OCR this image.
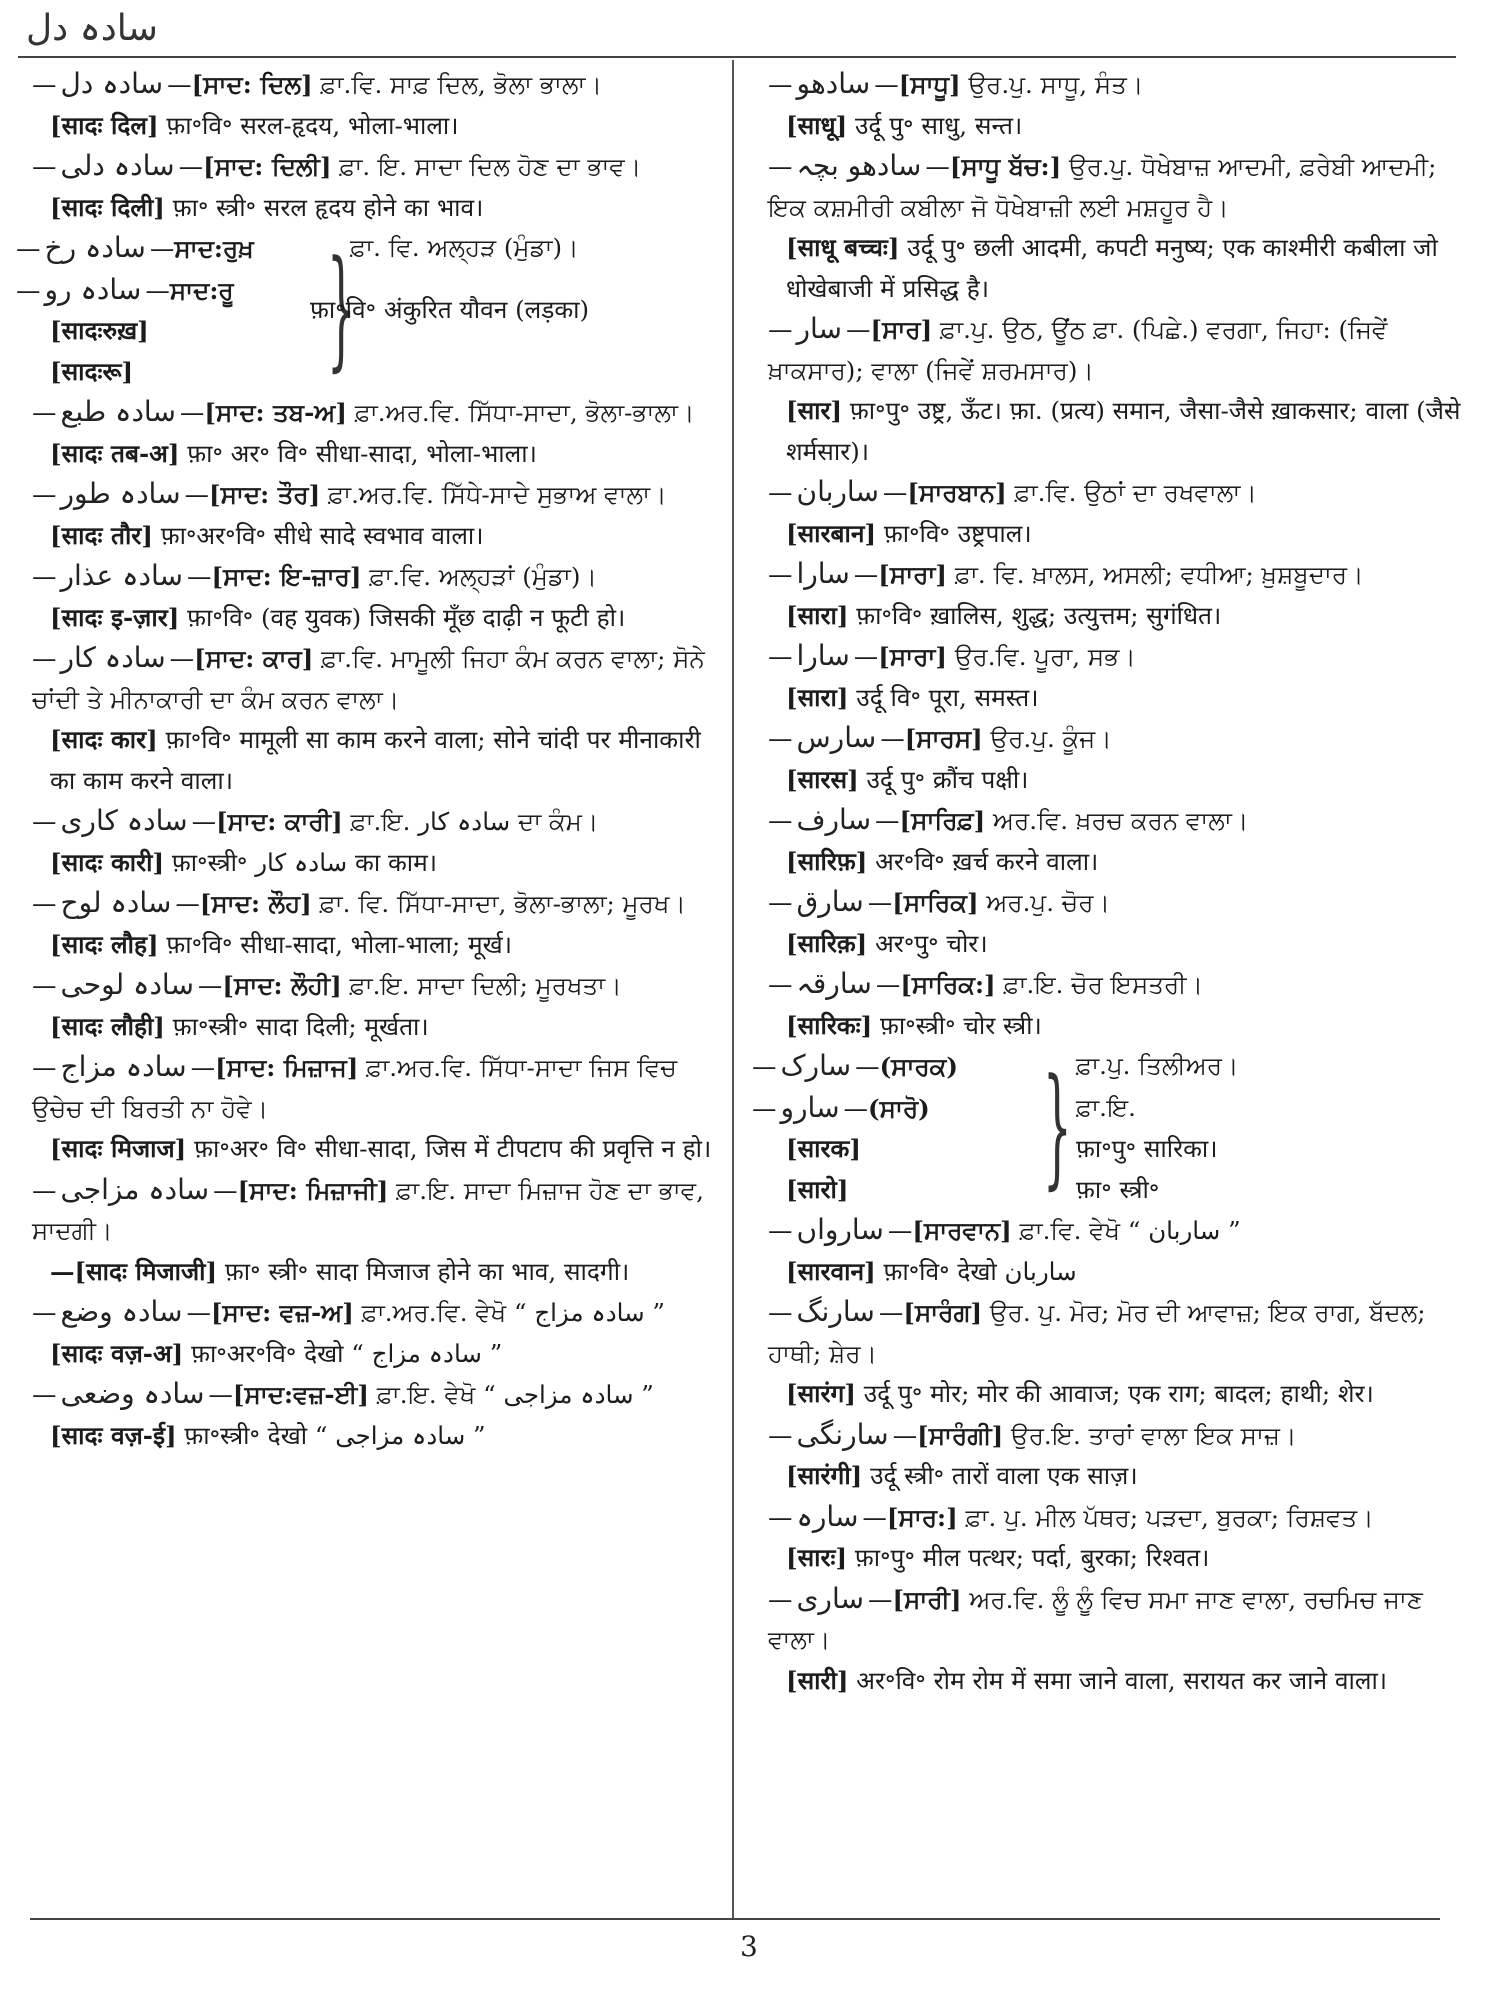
سادہ دل
—سادہ دل —[ਸਾਦ: ਦਿਲ] ਫ਼ਾ.ਵਿ. ਸਾਫ਼ ਦਿਲ, ਭੋਲਾ ਭਾਲਾ।
[सादः दिल] फ़ा॰वि॰ सरल-हृदय, भोला-भाला।
—سادہ دلی —[ਸਾਦ: ਦਿਲੀ] ਫ਼ਾ. ਇ. ਸਾਦਾ ਦਿਲ ਹੋਣ ਦਾ ਭਾਵ।
[सादः दिली] फ़ा॰ स्त्री॰ सरल हृदय होने का भाव।
—سادہ رخ—ਸਾਦ:ਰੁਖ਼
—سادہ رو—ਸਾਦ:ਰੂ
[सादःरुख़]
[सादःरू]	}
ਫ਼ਾ. ਵਿ. ਅਲ੍ਹੜ (ਮੁੰਡਾ)।
फ़ा॰वि॰ अंकुरित यौवन (लड़का)
—سادہ طبع —[ਸਾਦ: ਤਬ-ਅ] ਫ਼ਾ.ਅਰ.ਵਿ. ਸਿੱਧਾ-ਸਾਦਾ, ਭੋਲਾ-ਭਾਲਾ।
[सादः तब-अ] फ़ा॰ अर॰ वि॰ सीधा-सादा, भोला-भाला।
—سادہ طور —[ਸਾਦ: ਤੌਰ] ਫ਼ਾ.ਅਰ.ਵਿ. ਸਿੱਧੇ-ਸਾਦੇ ਸੁਭਾਅ ਵਾਲਾ।
[सादः तौर] फ़ा॰अर॰वि॰ सीधे सादे स्वभाव वाला।
—سادہ عذار —[ਸਾਦ: ਇ-ਜ਼ਾਰ] ਫ਼ਾ.ਵਿ. ਅਲ੍ਹੜਾਂ (ਮੁੰਡਾ)।
[सादः इ-ज़ार] फ़ा॰वि॰ (वह युवक) जिसकी मूँछ दाढ़ी न फूटी हो।
—سادہ کار —[ਸਾਦ: ਕਾਰ] ਫ਼ਾ.ਵਿ. ਮਾਮੂਲੀ ਜਿਹਾ ਕੰਮ ਕਰਨ ਵਾਲਾ; ਸੋਨੇ ਚਾਂਦੀ ਤੇ ਮੀਨਾਕਾਰੀ ਦਾ ਕੰਮ ਕਰਨ ਵਾਲਾ।
[सादः कार] फ़ा॰वि॰ मामूली सा काम करने वाला; सोने चांदी पर मीनाकारी का काम करने वाला।
—سادہ کاری —[ਸਾਦ: ਕਾਰੀ] ਫ਼ਾ.ਇ. سادہ کار ਦਾ ਕੰਮ।
[सादः कारी] फ़ा॰स्त्री॰ سادہ کار का काम।
—سادہ لوح —[ਸਾਦ: ਲੌਹ] ਫ਼ਾ. ਵਿ. ਸਿੱਧਾ-ਸਾਦਾ, ਭੋਲਾ-ਭਾਲਾ; ਮੂਰਖ।
[सादः लौह] फ़ा॰वि॰ सीधा-सादा, भोला-भाला; मूर्ख।
—سادہ لوحی —[ਸਾਦ: ਲੌਹੀ] ਫ਼ਾ.ਇ. ਸਾਦਾ ਦਿਲੀ; ਮੂਰਖਤਾ।
[सादः लौही] फ़ा॰स्त्री॰ सादा दिली; मूर्खता।
—سادہ مزاج —[ਸਾਦ: ਮਿਜ਼ਾਜ] ਫ਼ਾ.ਅਰ.ਵਿ. ਸਿੱਧਾ-ਸਾਦਾ ਜਿਸ ਵਿਚ ਉਚੇਚ ਦੀ ਬਿਰਤੀ ਨਾ ਹੋਵੇ।
[सादः मिजाज] फ़ा॰अर॰ वि॰ सीधा-सादा, जिस में टीपटाप की प्रवृत्ति न हो।
—سادہ مزاجی —[ਸਾਦ: ਮਿਜ਼ਾਜੀ] ਫ਼ਾ.ਇ. ਸਾਦਾ ਮਿਜ਼ਾਜ ਹੋਣ ਦਾ ਭਾਵ, ਸਾਦਗੀ।
—[सादः मिजाजी] फ़ा॰ स्त्री॰ सादा मिजाज होने का भाव, सादगी।
—سادہ وضع —[ਸਾਦ: ਵਜ਼-ਅ] ਫ਼ਾ.ਅਰ.ਵਿ. ਵੇਖੋ “ سادہ مزاج ”
[सादः वज़-अ] फ़ा॰अर॰वि॰ देखो “ سادہ مزاج ”
—سادہ وضعی —[ਸਾਦ:ਵਜ਼-ਈ] ਫ਼ਾ.ਇ. ਵੇਖੋ “ سادہ مزاجی ”
[सादः वज़-ई] फ़ा॰स्त्री॰ देखो “ سادہ مزاجی ”
—سادھو —[ਸਾਧੂ] ਉਰ.ਪੁ. ਸਾਧੂ, ਸੰਤ।
[साधू] उर्दू पु॰ साधु, सन्त।
—سادھو بچہ —[ਸਾਧੂ ਬੱਚ:] ਉਰ.ਪੁ. ਧੋਖੇਬਾਜ਼ ਆਦਮੀ, ਫ਼ਰੇਬੀ ਆਦਮੀ; ਇਕ ਕਸ਼ਮੀਰੀ ਕਬੀਲਾ ਜੋ ਧੋਖੇਬਾਜ਼ੀ ਲਈ ਮਸ਼ਹੂਰ ਹੈ।
[साधू बच्चः] उर्दू पु॰ छली आदमी, कपटी मनुष्य; एक काश्मीरी कबीला जो धोखेबाजी में प्रसिद्ध है।
—سار —[ਸਾਰ] ਫ਼ਾ.ਪੁ. ਉਠ, ਊਂਠ ਫ਼ਾ. (ਪਿਛੇ.) ਵਰਗਾ, ਜਿਹਾ: (ਜਿਵੇਂ ਖ਼ਾਕਸਾਰ); ਵਾਲਾ (ਜਿਵੇਂ ਸ਼ਰਮਸਾਰ)।
[सार] फ़ा॰पु॰ उष्ट्र, ऊँट। फ़ा. (प्रत्य) समान, जैसा-जैसे ख़ाकसार; वाला (जैसे शर्मसार)।
—ساربان —[ਸਾਰਬਾਨ] ਫ਼ਾ.ਵਿ. ਉਠਾਂ ਦਾ ਰਖਵਾਲਾ।
[सारबान] फ़ा॰वि॰ उष्ट्रपाल।
—سارا —[ਸਾਰਾ] ਫ਼ਾ. ਵਿ. ਖ਼ਾਲਸ, ਅਸਲੀ; ਵਧੀਆ; ਖ਼ੁਸ਼ਬੂਦਾਰ।
[सारा] फ़ा॰वि॰ ख़ालिस, शुद्ध; उत्युत्तम; सुगंधित।
—سارا —[ਸਾਰਾ] ਉਰ.ਵਿ. ਪੂਰਾ, ਸਭ।
[सारा] उर्दू वि॰ पूरा, समस्त।
—سارس —[ਸਾਰਸ] ਉਰ.ਪੁ. ਕੂੰਜ।
[सारस] उर्दू पु॰ क्रौंच पक्षी।
—سارف —[ਸਾਰਿਫ਼] ਅਰ.ਵਿ. ਖ਼ਰਚ ਕਰਨ ਵਾਲਾ।
[सारिफ़] अर॰वि॰ ख़र्च करने वाला।
—سارق —[ਸਾਰਿਕ] ਅਰ.ਪੁ. ਚੋਰ।
[सारिक़] अर॰पु॰ चोर।
—سارقہ —[ਸਾਰਿਕ:] ਫ਼ਾ.ਇ. ਚੋਰ ਇਸਤਰੀ।
[सारिकः] फ़ा॰स्त्री॰ चोर स्त्री।
—سارک—(ਸਾਰਕ)	ਫ਼ਾ.ਪੁ. ਤਿਲੀਅਰ।
—سارو—(ਸਾਰੋ)	ਫ਼ਾ.ਇ.
[सारक]	फ़ा॰पु॰ सारिका।
[सारो]	फ़ा॰ स्त्री॰
}
—سارواں —[ਸਾਰਵਾਨ] ਫ਼ਾ.ਵਿ. ਵੇਖੋ “ ساربان ”
[सारवान] फ़ा॰वि॰ देखो ساربان
—سارنگ —[ਸਾਰੰਗ] ਉਰ. ਪੁ. ਮੋਰ; ਮੋਰ ਦੀ ਆਵਾਜ਼; ਇਕ ਰਾਗ, ਬੱਦਲ; ਹਾਥੀ; ਸ਼ੇਰ।
[सारंग] उर्दू पु॰ मोर; मोर की आवाज; एक राग; बादल; हाथी; शेर।
—سارنگی —[ਸਾਰੰਗੀ] ਉਰ.ਇ. ਤਾਰਾਂ ਵਾਲਾ ਇਕ ਸਾਜ਼।
[सारंगी] उर्दू स्त्री॰ तारों वाला एक साज़।
—سارہ —[ਸਾਰ:] ਫ਼ਾ. ਪੁ. ਮੀਲ ਪੱਥਰ; ਪੜਦਾ, ਬੁਰਕਾ; ਰਿਸ਼ਵਤ।
[सारः] फ़ा॰पु॰ मील पत्थर; पर्दा, बुरका; रिश्वत।
—ساری —[ਸਾਰੀ] ਅਰ.ਵਿ. ਲੂੰ ਲੂੰ ਵਿਚ ਸਮਾ ਜਾਣ ਵਾਲਾ, ਰਚਮਿਚ ਜਾਣ ਵਾਲਾ।
[सारी] अर॰वि॰ रोम रोम में समा जाने वाला, सरायत कर जाने वाला।
3
